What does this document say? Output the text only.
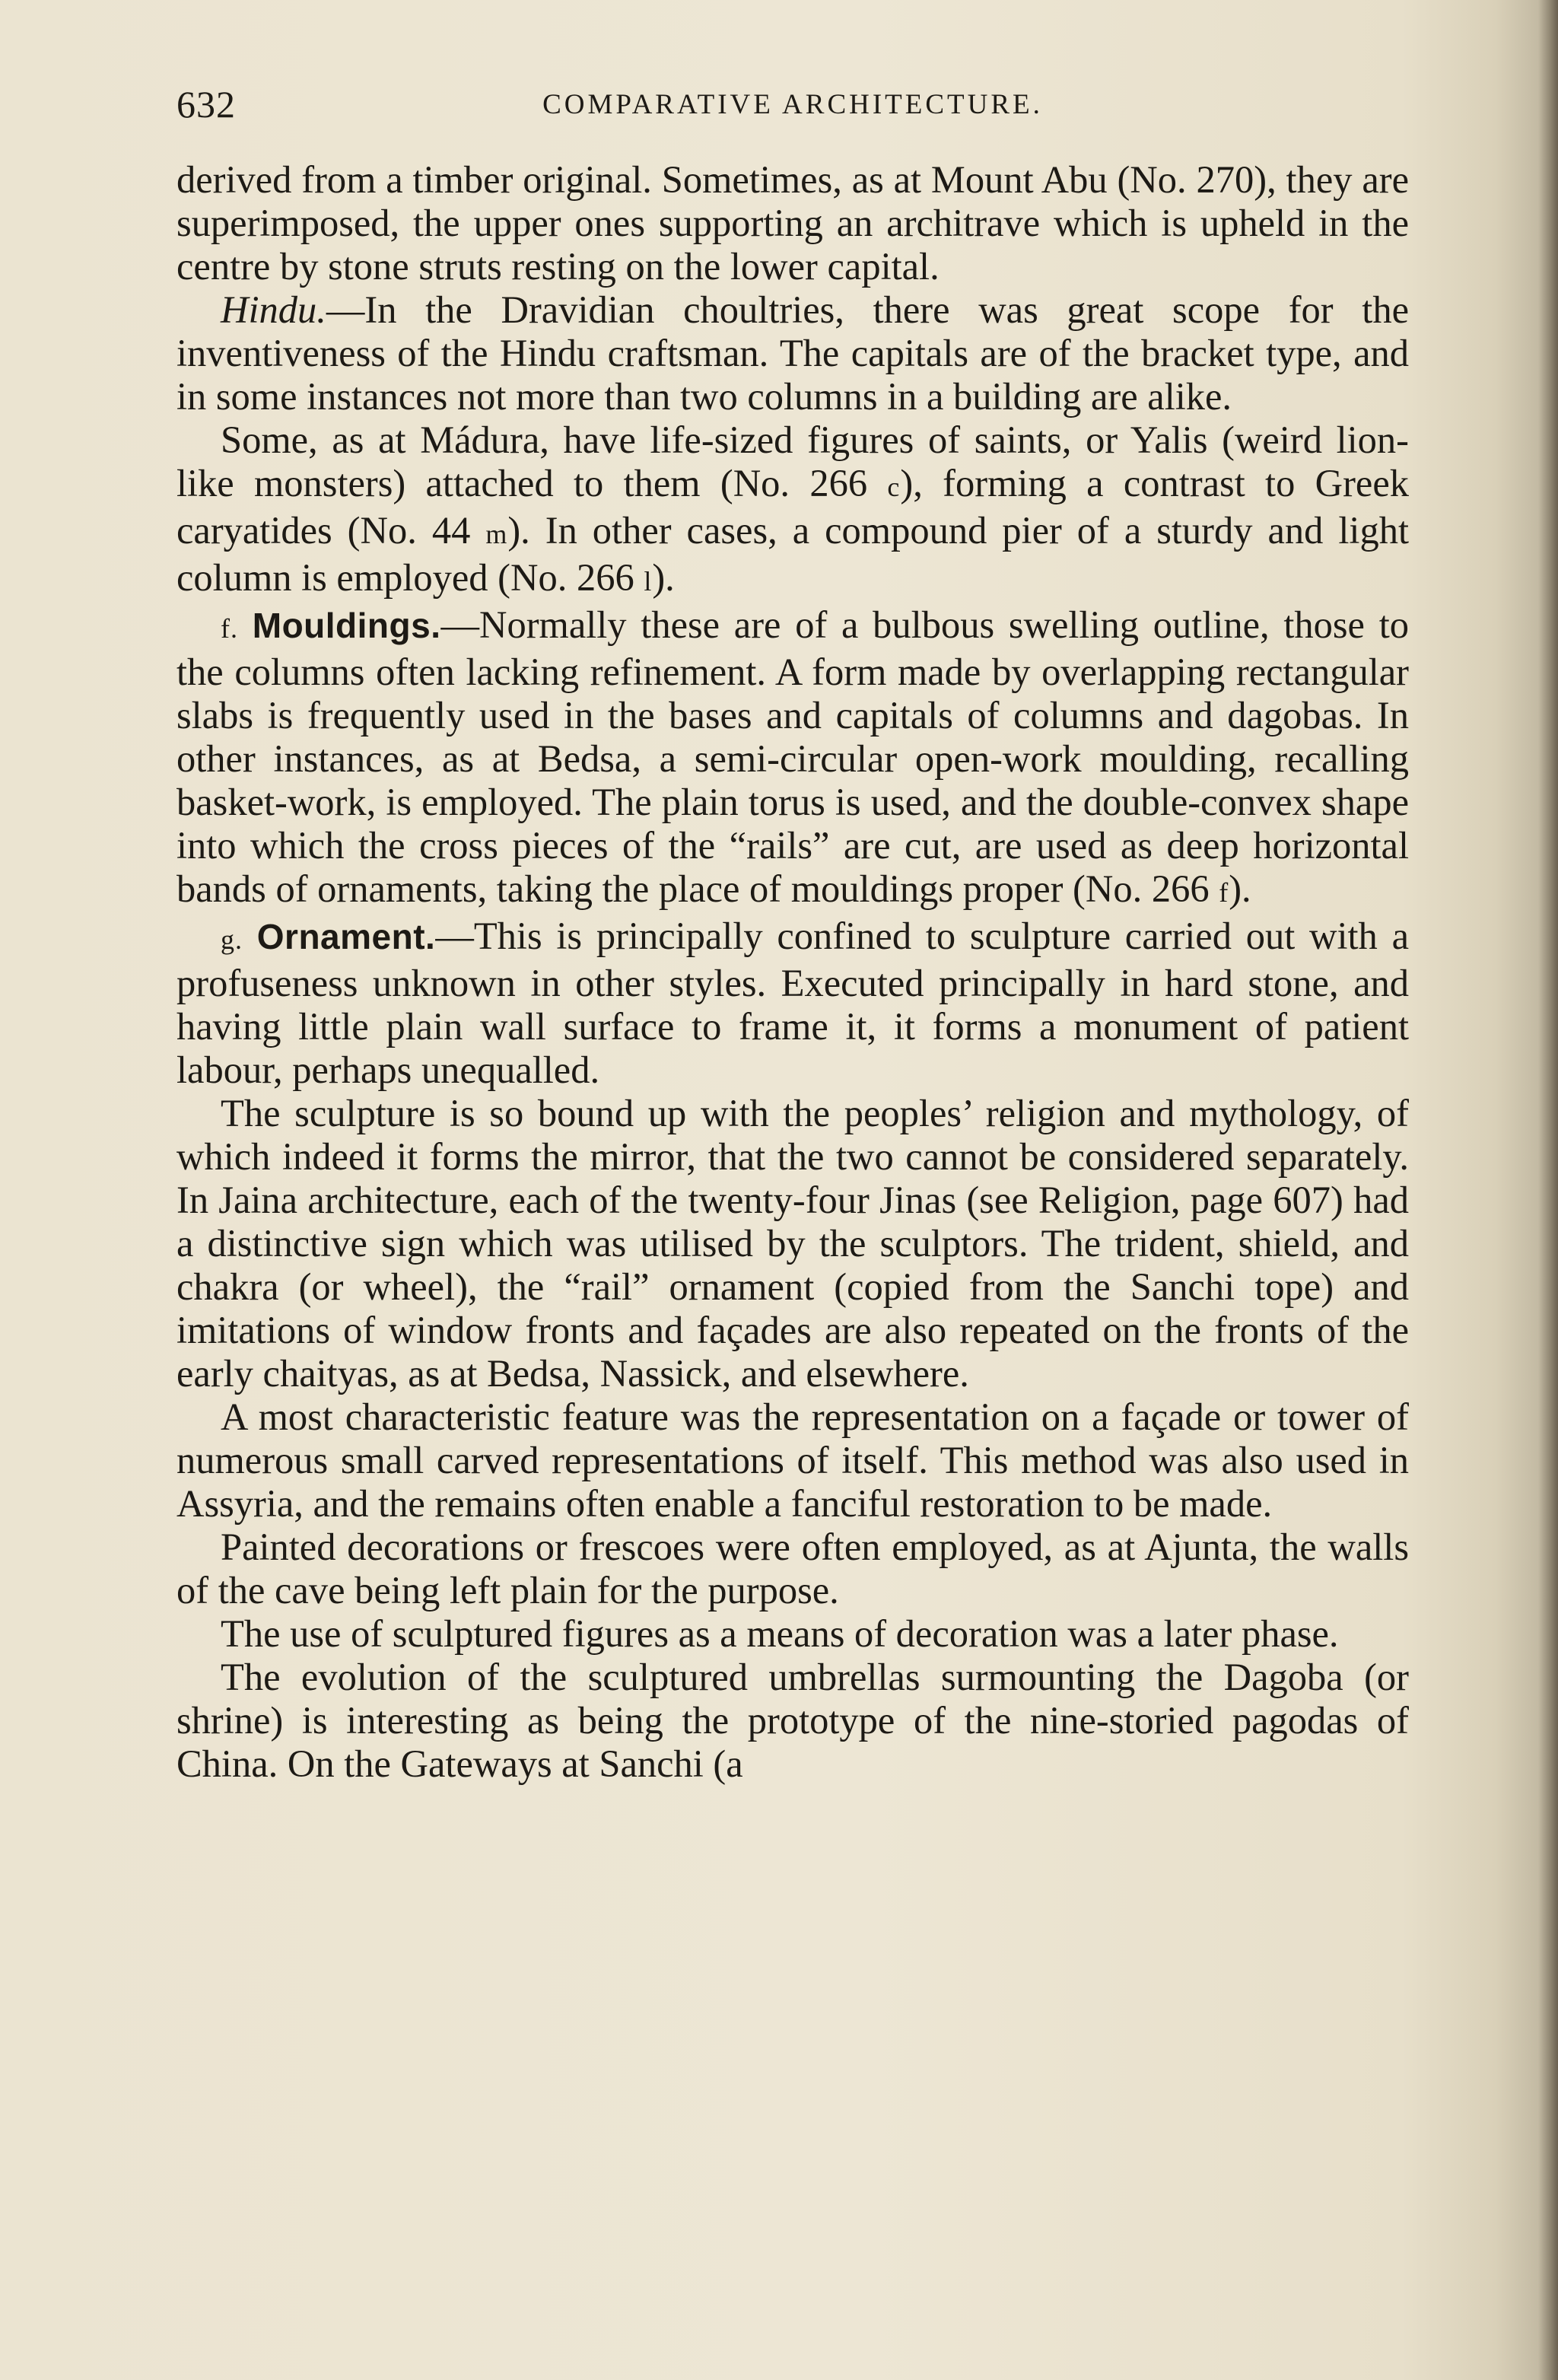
632	COMPARATIVE ARCHITECTURE.

derived from a timber original. Sometimes, as at Mount Abu (No. 270), they are superimposed, the upper ones supporting an architrave which is upheld in the centre by stone struts resting on the lower capital.

Hindu.—In the Dravidian choultries, there was great scope for the inventiveness of the Hindu craftsman. The capitals are of the bracket type, and in some instances not more than two columns in a building are alike.

Some, as at Mádura, have life-sized figures of saints, or Yalis (weird lion-like monsters) attached to them (No. 266 c), forming a contrast to Greek caryatides (No. 44 m). In other cases, a compound pier of a sturdy and light column is employed (No. 266 l).

f. Mouldings.—Normally these are of a bulbous swelling outline, those to the columns often lacking refinement. A form made by overlapping rectangular slabs is frequently used in the bases and capitals of columns and dagobas. In other instances, as at Bedsa, a semi-circular open-work moulding, recalling basket-work, is employed. The plain torus is used, and the double-convex shape into which the cross pieces of the “rails” are cut, are used as deep horizontal bands of ornaments, taking the place of mouldings proper (No. 266 f).

g. Ornament.—This is principally confined to sculpture carried out with a profuseness unknown in other styles. Executed principally in hard stone, and having little plain wall surface to frame it, it forms a monument of patient labour, perhaps unequalled.

The sculpture is so bound up with the peoples’ religion and mythology, of which indeed it forms the mirror, that the two cannot be considered separately. In Jaina architecture, each of the twenty-four Jinas (see Religion, page 607) had a distinctive sign which was utilised by the sculptors. The trident, shield, and chakra (or wheel), the “rail” ornament (copied from the Sanchi tope) and imitations of window fronts and façades are also repeated on the fronts of the early chaityas, as at Bedsa, Nassick, and elsewhere.

A most characteristic feature was the representation on a façade or tower of numerous small carved representations of itself. This method was also used in Assyria, and the remains often enable a fanciful restoration to be made.

Painted decorations or frescoes were often employed, as at Ajunta, the walls of the cave being left plain for the purpose.

The use of sculptured figures as a means of decoration was a later phase.

The evolution of the sculptured umbrellas surmounting the Dagoba (or shrine) is interesting as being the prototype of the nine-storied pagodas of China. On the Gateways at Sanchi (a
